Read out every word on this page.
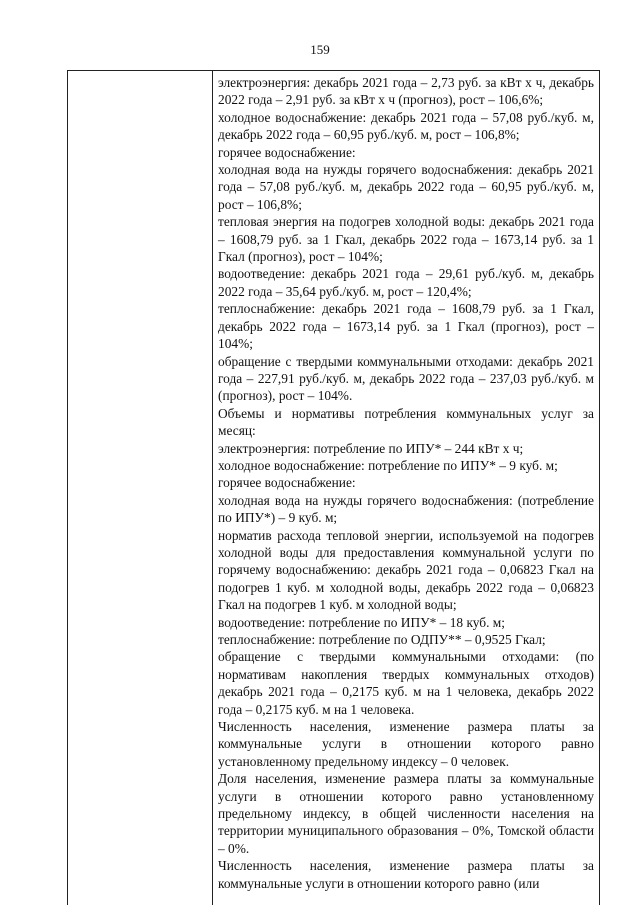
159

электроэнергия: декабрь 2021 года – 2,73 руб. за кВт х ч, декабрь 2022 года – 2,91 руб. за кВт х ч (прогноз), рост – 106,6%;

холодное водоснабжение: декабрь 2021 года – 57,08 руб./куб. м, декабрь 2022 года – 60,95 руб./куб. м, рост – 106,8%;

горячее водоснабжение:

холодная вода на нужды горячего водоснабжения: декабрь 2021 года – 57,08 руб./куб. м, декабрь 2022 года – 60,95 руб./куб. м, рост – 106,8%;

тепловая энергия на подогрев холодной воды: декабрь 2021 года – 1608,79 руб. за 1 Гкал, декабрь 2022 года – 1673,14 руб. за 1 Гкал (прогноз), рост – 104%;

водоотведение: декабрь 2021 года – 29,61 руб./куб. м, декабрь 2022 года – 35,64 руб./куб. м, рост – 120,4%;

теплоснабжение: декабрь 2021 года – 1608,79 руб. за 1 Гкал, декабрь 2022 года – 1673,14 руб. за 1 Гкал (прогноз), рост – 104%;

обращение с твердыми коммунальными отходами: декабрь 2021 года – 227,91 руб./куб. м, декабрь 2022 года – 237,03 руб./куб. м (прогноз), рост – 104%.

Объемы и нормативы потребления коммунальных услуг за месяц:

электроэнергия: потребление по ИПУ* – 244 кВт х ч;

холодное водоснабжение: потребление по ИПУ* – 9 куб. м;

горячее водоснабжение:

холодная вода на нужды горячего водоснабжения: (потребление по ИПУ*) – 9 куб. м;

норматив расхода тепловой энергии, используемой на подогрев холодной воды для предоставления коммунальной услуги по горячему водоснабжению: декабрь 2021 года – 0,06823 Гкал на подогрев 1 куб. м холодной воды, декабрь 2022 года – 0,06823 Гкал на подогрев 1 куб. м холодной воды;

водоотведение: потребление по ИПУ* – 18 куб. м;

теплоснабжение: потребление по ОДПУ** – 0,9525 Гкал;

обращение с твердыми коммунальными отходами: (по нормативам накопления твердых коммунальных отходов) декабрь 2021 года – 0,2175 куб. м на 1 человека, декабрь 2022 года – 0,2175 куб. м на 1 человека.

Численность населения, изменение размера платы за коммунальные услуги в отношении которого равно установленному предельному индексу – 0 человек.

Доля населения, изменение размера платы за коммунальные услуги в отношении которого равно установленному предельному индексу, в общей численности населения на территории муниципального образования – 0%, Томской области – 0%.

Численность населения, изменение размера платы за коммунальные услуги в отношении которого равно (или
